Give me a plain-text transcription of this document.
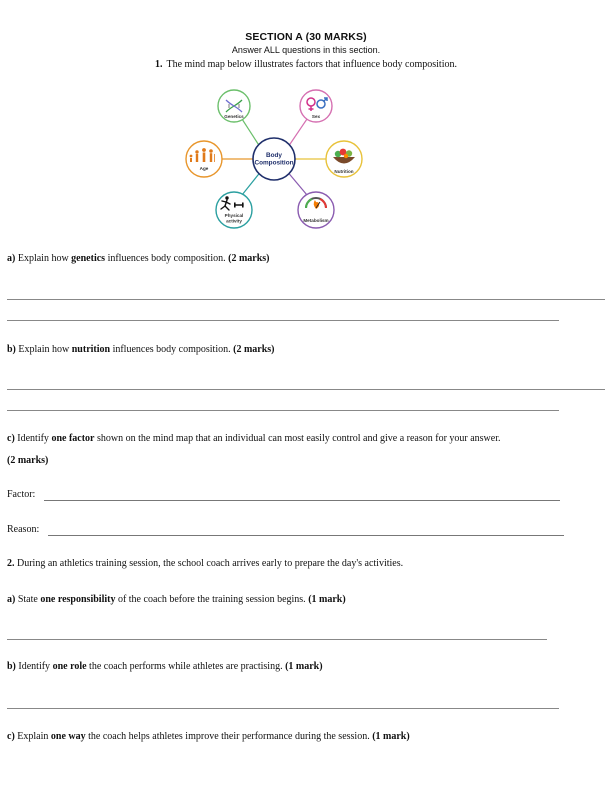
SECTION A (30 MARKS)
Answer ALL questions in this section.
1. The mind map below illustrates factors that influence body composition.
Body
Composition
Genetics	Sex
Age
Nutrition
Physical
activity	Metabolism
a) Explain how genetics influences body composition. (2 marks)
b) Explain how nutrition influences body composition. (2 marks)
c) Identify one factor shown on the mind map that an individual can most easily control and give a reason for your answer.
(2 marks)
Factor:
Reason:
2. During an athletics training session, the school coach arrives early to prepare the day's activities.
a) State one responsibility of the coach before the training session begins. (1 mark)
b) Identify one role the coach performs while athletes are practising. (1 mark)
c) Explain one way the coach helps athletes improve their performance during the session. (1 mark)
